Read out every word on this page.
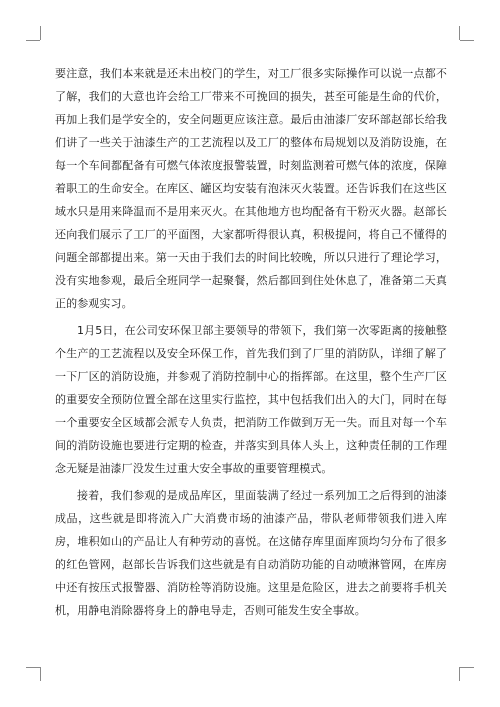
要注意，我们本来就是还未出校门的学生，对工厂很多实际操作可以说一点都不了解，我们的大意也许会给工厂带来不可挽回的损失，甚至可能是生命的代价，再加上我们是学安全的，安全问题更应该注意。最后由油漆厂安环部赵部长给我们讲了一些关于油漆生产的工艺流程以及工厂的整体布局规划以及消防设施，在每一个车间都配备有可燃气体浓度报警装置，时刻监测着可燃气体的浓度，保障着职工的生命安全。在库区、罐区均安装有泡沫灭火装置。还告诉我们在这些区域水只是用来降温而不是用来灭火。在其他地方也均配备有干粉灭火器。赵部长还向我们展示了工厂的平面图，大家都听得很认真，积极提问，将自己不懂得的问题全部都提出来。第一天由于我们去的时间比较晚，所以只进行了理论学习，没有实地参观，最后全班同学一起聚餐，然后都回到住处休息了，准备第二天真正的参观实习。

1月5日，在公司安环保卫部主要领导的带领下，我们第一次零距离的接触整个生产的工艺流程以及安全环保工作，首先我们到了厂里的消防队，详细了解了一下厂区的消防设施，并参观了消防控制中心的指挥部。在这里，整个生产厂区的重要安全预防位置全部在这里实行监控，其中包括我们出入的大门，同时在每一个重要安全区域都会派专人负责，把消防工作做到万无一失。而且对每一个车间的消防设施也要进行定期的检查，并落实到具体人头上，这种责任制的工作理念无疑是油漆厂没发生过重大安全事故的重要管理模式。

接着，我们参观的是成品库区，里面装满了经过一系列加工之后得到的油漆成品，这些就是即将流入广大消费市场的油漆产品，带队老师带领我们进入库房，堆积如山的产品让人有种劳动的喜悦。在这储存库里面库顶均匀分布了很多的红色管网，赵部长告诉我们这些就是有自动消防功能的自动喷淋管网，在库房中还有按压式报警器、消防栓等消防设施。这里是危险区，进去之前要将手机关机，用静电消除器将身上的静电导走，否则可能发生安全事故。
